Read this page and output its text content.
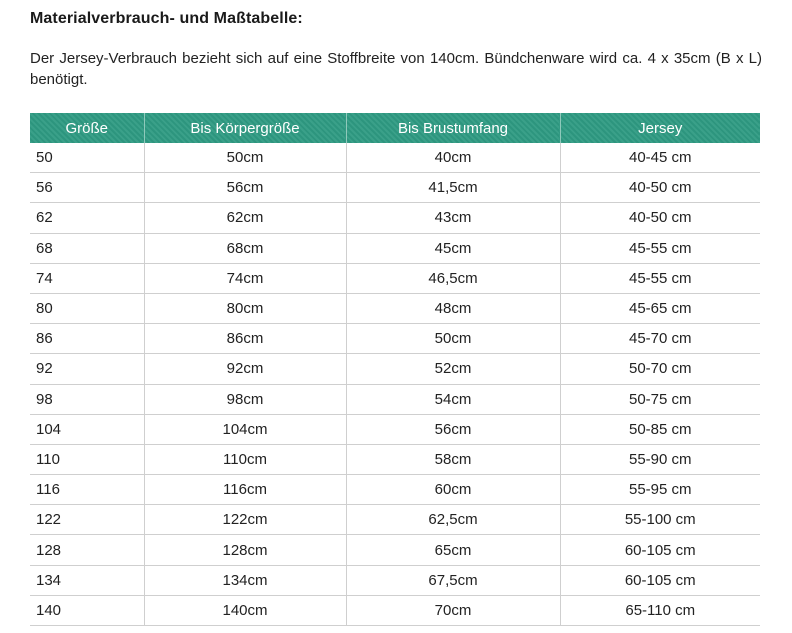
Materialverbrauch- und Maßtabelle:

Der Jersey-Verbrauch bezieht sich auf eine Stoffbreite von 140cm. Bündchenware wird ca. 4 x 35cm (B x L) benötigt.

Größe	Bis Körpergröße	Bis Brustumfang	Jersey
50	50cm	40cm	40-45 cm
56	56cm	41,5cm	40-50 cm
62	62cm	43cm	40-50 cm
68	68cm	45cm	45-55 cm
74	74cm	46,5cm	45-55 cm
80	80cm	48cm	45-65 cm
86	86cm	50cm	45-70 cm
92	92cm	52cm	50-70 cm
98	98cm	54cm	50-75 cm
104	104cm	56cm	50-85 cm
110	110cm	58cm	55-90 cm
116	116cm	60cm	55-95 cm
122	122cm	62,5cm	55-100 cm
128	128cm	65cm	60-105 cm
134	134cm	67,5cm	60-105 cm
140	140cm	70cm	65-110 cm
